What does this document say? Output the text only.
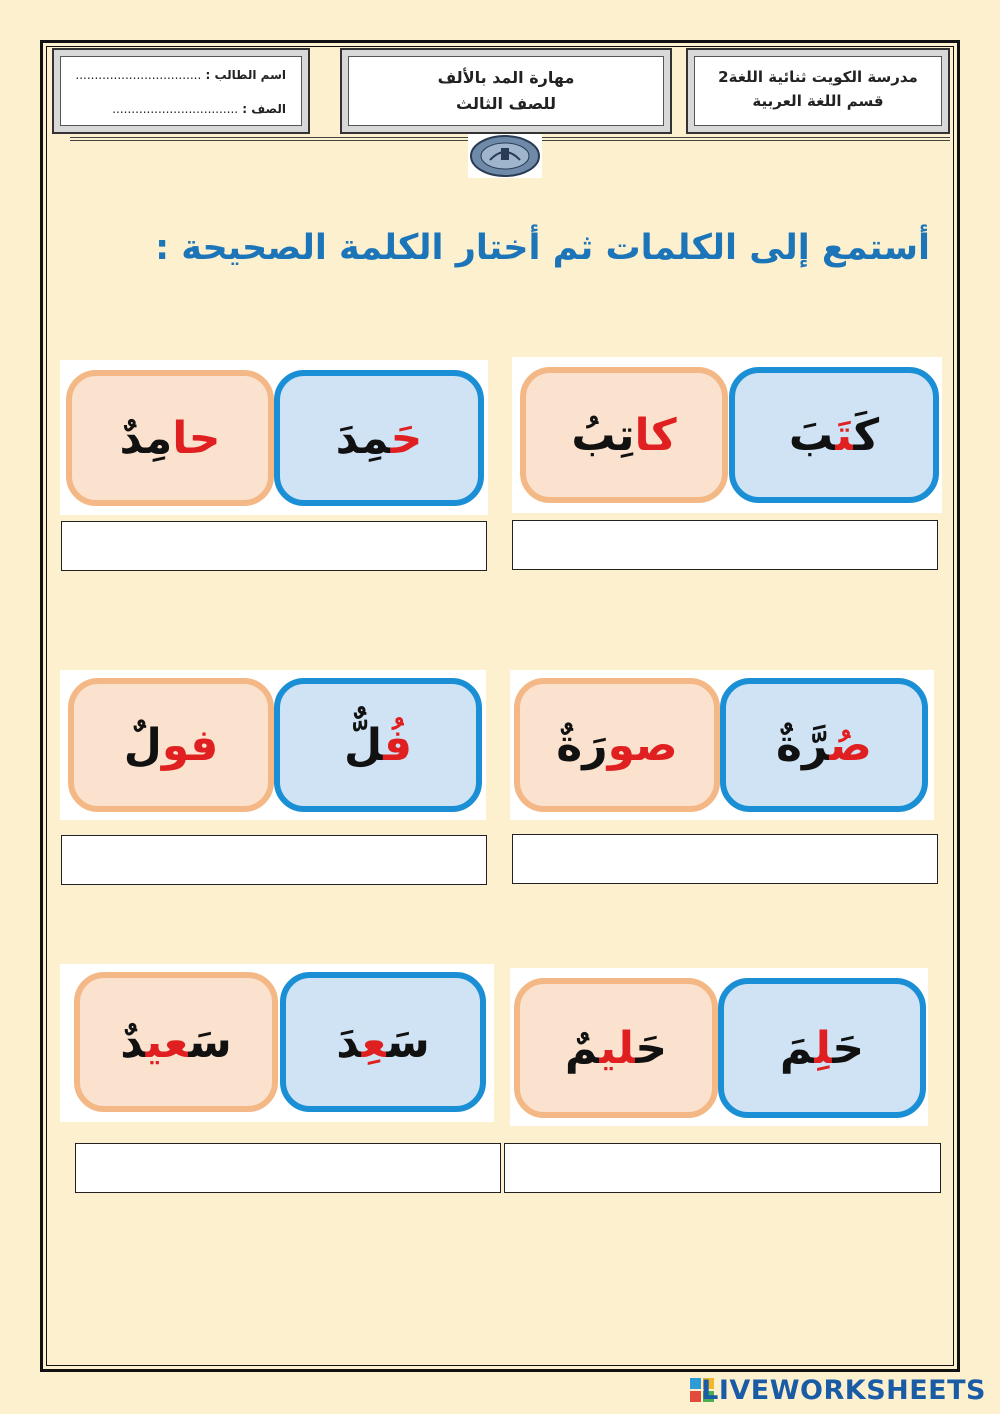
مدرسة الكويت ثنائية اللغة2
قسم اللغة العربية
مهارة المد بالألف
للصف الثالث
اسم الطالب : .................................
الصف : .................................
أستمع إلى الكلمات ثم أختار الكلمة الصحيحة :
كَتَبَ
كاتِبُ
حَمِدَ
حامِدٌ
صُرَّةٌ
صورَةٌ
فُلٌّ
فولٌ
حَلِمَ
حَليمٌ
سَعِدَ
سَعيدٌ
LIVEWORKSHEETS
